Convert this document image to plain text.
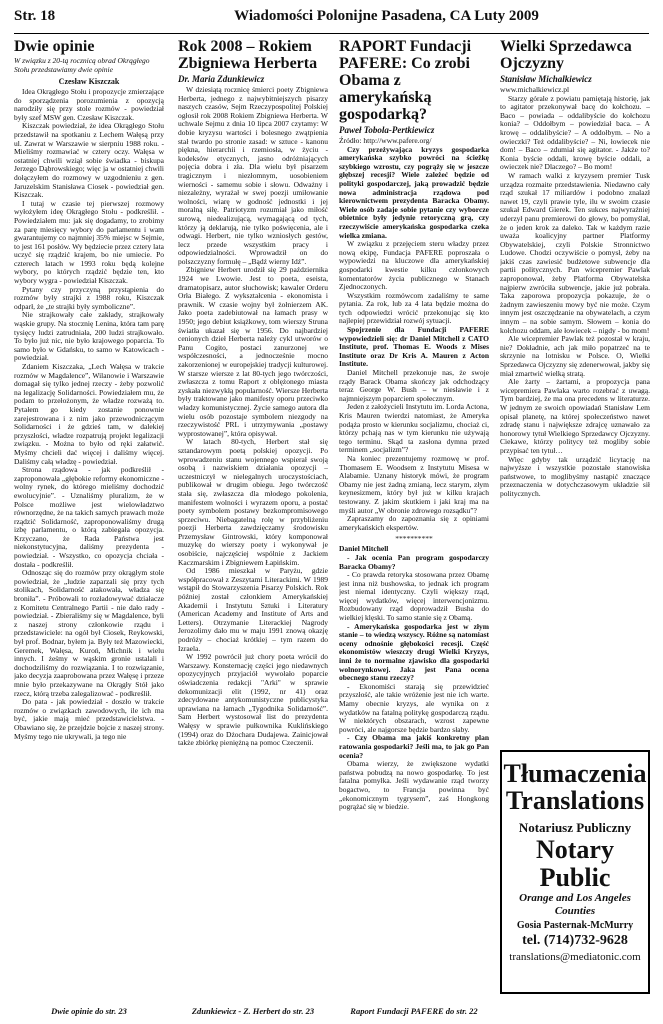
Str. 18	Wiadomości Polonijne Pasadena, CA Luty 2009
Dwie opinie
W związku z 20-tą rocznicą obrad Okrągłego Stołu przedstawiamy dwie opinie
Czesław Kiszczak

Idea Okrągłego Stołu i propozycje zmierzające do sporządzenia porozumienia z opozycją narodziły się przy stole rozmów - powiedział były szef MSW gen. Czesław Kiszczak.

Kiszczak powiedział, że idea Okrągłego Stołu przedstawił na spotkaniu z Lechem Wałęsą przy ul. Zawrat w Warszawie w sierpniu 1988 roku. - Mieliśmy rozmawiać w cztery oczy. Wałęsa w ostatniej chwili wziął sobie świadka - biskupa Jerzego Dąbrowskiego; więc ja w ostatniej chwili dołączyłem do rozmowy w uzgodnieniu z gen. Jaruzelskim Stanisława Ciosek - powiedział gen. Kiszczak.

I tutaj w czasie tej pierwszej rozmowy wyłożyłem ideę Okrągłego Stołu - podkreślił. - Powiedziałem mu: jak się dogadamy, to zrobimy za parę miesięcy wybory do parlamentu i wam gwarantujemy co najmniej 35% miejsc w Sejmie, to jest 161 posłów. Wy będziecie przez cztery lata uczyć się rządzić krajem, bo nie umiecie. Po czterech latach w 1993 roku będą kolejne wybory, po których rządzić będzie ten, kto wybory wygra - powiedział Kiszczak.

Pytany czy przyczyną przystąpienia do rozmów były strajki z 1988 roku, Kiszczak odparł, że „te strajki były symboliczne”.

Nie strajkowały całe zakłady, strajkowały wąskie grupy. Na stocznię Lenina, która tam parę tysięcy ludzi zatrudniała, 200 ludzi strajkowało. To było już nic, nie było krajowego poparcia. To samo było w Gdańsku, to samo w Katowicach - powiedział.

Zdaniem Kiszczaka, „Lech Wałęsa w trakcie rozmów w Magdalence”, Wilanowie i Warszawie domagał się tylko jednej rzeczy - żeby pozwolić na legalizację Solidarności. Powiedziałem mu, że podam to przełożonym, że władze rozważą to. Pytałem go kiedy zostanie ponownie zarejestrowana i z nim jako przewodniczącym Solidarności i że gdzieś tam, w dalekiej przyszłości, władze rozpatrują projekt legalizacji związku. - Można to było od ręki załatwić. Myśmy chcieli dać więcej i daliśmy więcej. Daliśmy całą władzę - powiedział.

Strona rządowa - jak podkreślił - zaproponowała „głębokie reformy ekonomiczne - wolny rynek, do którego mieliśmy dochodzić ewolucyjnie”. - Uznaliśmy pluralizm, że w Polsce możliwe jest wielowładztwo równorzędne, że na takich samych prawach może rządzić Solidarność, zaproponowaliśmy drugą izbę parlamentu, o którą zabiegała opozycja. Krzyczano, że Rada Państwa jest niekonstytucyjna, daliśmy prezydenta - powiedział. - Wszystko, co opozycja chciała - dostała - podkreślił.

Odnosząc się do rozmów przy okrągłym stole powiedział, że „ludzie zaparzali się przy tych stolikach, Solidarność atakowała, władza się broniła”. - Próbowali to rozładowywać działacze z Komitetu Centralnego Partii - nie dało rady - powiedział. - Zbieraliśmy się w Magdalence, byli z naszej strony członkowie rządu i przedstawiciele: na ogół był Ciosek, Reykowski, był prof. Bodnar, byłem ja. Były też Mazowiecki, Geremek, Wałęsa, Kuroń, Michnik i wielu innych. I żeśmy w wąskim gronie ustalali i dochodziliśmy do rozwiązania. I to rozwiązanie, jako decyzja zaaprobowana przez Wałęsę i przeze mnie było przekazywane na Okrągły Stół jako rzecz, którą trzeba zalegalizować - podkreślił.

Do pata - jak powiedział - doszło w trakcie rozmów o związkach zawodowych, ile ich ma być, jakie mają mieć przedstawicielstwa. - Obawiano się, że przejdzie bojcie z naszej strony. Myśmy tego nie ukrywali, ja tego nie

Dwie opinie do str. 23
Rok 2008 – Rokiem Zbigniewa Herberta
Dr. Maria Zdunkiewicz

W dziesiątą rocznicę śmierci poety Zbigniewa Herberta, jednego z najwybitniejszych pisarzy naszych czasów, Sejm Rzeczypospolitej Polskiej ogłosił rok 2008 Rokiem Zbigniewa Herberta. W uchwale Sejmu z dnia 10 lipca 2007 czytamy: W dobie kryzysu wartości i bolesnego zwątpienia stał twardo po stronie zasad: w sztuce - kanonu piękna, hierarchii i rzemiosła, w życiu - kodeksów etycznych, jasno odróżniających pojęcia dobra i zła. Dla wielu był pisarzem tragicznym i niezłomnym, uosobieniem wierności - samemu sobie i słowu. Odważny i niezależny, wyrażał w swej poezji umiłowanie wolności, wiarę w godność jednostki i jej moralną siłę. Patriotyzm rozumiał jako miłość surową, niedealizującą, wymagającą od tych, którzy ją deklarują, nie tylko poświęcenia, ale i odwagi. Herbert, nie tylko wzniosłych gestów, lecz przede wszystkim pracy i odpowiedzialności. Wprowadził on do polszczyzny formułę – „Bądź wierny Idź”.

Zbigniew Herbert urodził się 29 października 1924 we Lwowie. Jest to poeta, eseista, dramatopisarz, autor słuchowisk; kawaler Orderu Orła Białego. Z wykształcenia - ekonomista i prawnik. W czasie wojny był żołnierzem AK. Jako poeta zadebiutował na łamach prasy w 1950; jego debiut książkowy, tom wierszy Struna światła ukazał się w 1956. Do najbardziej cenionych dzieł Herberta należy cykl utworów o Panu Cogito, postaci zanurzonej we współczesności, a jednocześnie mocno zakorzenionej w europejskiej tradycji kulturowej. W starsze wiersze z lat 80-tych jego twórczości, zwłaszcza z tomu Raport z oblężonego miasta zyskała niezwykłą popularność. Wiersze Herberta były traktowane jako manifesty oporu przeciwko władzy komunistycznej. Życie samego autora dla wielu osób pozostaje symbolem niezgody na rzeczywistość PRL i utrzymywania „postawy wyprostowanej”, która opisywał.

W latach 80-tych, Herbert stał się sztandarowym poetą polskiej opozycji. Po wprowadzeniu stanu wojennego wspierał swoją osobą i nazwiskiem działania opozycji – uczestniczył w nielegalnych uroczystościach, publikował w drugim obiegu. Jego twórczość stała się, zwłaszcza dla młodego pokolenia, manifestem wolności i wyrazem oporu, a postać poety symbolem postawy bezkompromisowego sprzeciwu. Niebagatelną rolę w przybliżeniu poezji Herberta zawdzięczamy środowisku Przemysław Gintrowski, który komponował muzykę do wierszy poety i wykonywał je osobiście, najczęściej wspólnie z Jackiem Kaczmarskim i Zbigniewem Łapińskim.

Od 1986 mieszkał w Paryżu, gdzie współpracował z Zeszytami Literackimi. W 1989 wstąpił do Stowarzyszenia Pisarzy Polskich. Rok później został członkiem Amerykańskiej Akademii i Instytutu Sztuki i Literatury (American Academy and Institute of Arts and Letters). Otrzymanie Literackiej Nagrody Jerozolimy dało mu w maju 1991 znową okazję podróży – chociaż krótkiej – tym razem do Izraela.

W 1992 powrócił już chory poeta wrócił do Warszawy. Konsternację części jego niedawnych opozycyjnych przyjaciół wywołało poparcie oświadczenia redakcji "Arki" w sprawie dekomunizacji elit (1992, nr 41) oraz zdecydowane antykomunistyczne publicystyka uprawiana na łamach „Tygodnika Solidarność”. Sam Herbert wystosował list do prezydenta Wałęsy w sprawie pułkownika Kuklińskiego (1994) oraz do Dżochara Dudajewa. Zainicjował także zbiórkę pieniężną na pomoc Czeczenii.

Zdunkiewicz - Z. Herbert do str. 23
RAPORT Fundacji PAFERE: Co zrobi Obama z amerykańską gospodarką?
Paweł Tobola-Pertkiewicz
Źródło: http://www.pafere.org/

Czy przeżywająca kryzys gospodarka amerykańska szybko powróci na ścieżkę szybkiego wzrostu, czy pogrąży się w jeszcze głębszej recesji? Wiele zależeć będzie od polityki gospodarczej, jaką prowadzić będzie nowa administracja rządowa pod kierownictwem prezydenta Baracka Obamy. Wiele osób zadaje sobie pytanie czy wyborcze obietnice były jedynie retoryczną grą, czy rzeczywiście amerykańska gospodarka czeka wielka zmiana.

W związku z przejęciem steru władzy przez nową ekipę, Fundacja PAFERE poproszała o wypowiedzi na kluczowe dla amerykańskiej gospodarki kwestie kilku członkowych komentatorów życia publicznego w Stanach Zjednoczonych.

Wszystkim rozmówcom zadaliśmy te same pytania. Za rok, lub za 4 lata będzie można do tych odpowiedzi wrócić przekonując się kto najlepiej przewidział rozwój sytuacji.

Spojrzenie dla Fundacji PAFERE wypowiedzieli się: dr Daniel Mitchell z CATO Institute, prof. Thomas E. Woods z Mises Institute oraz Dr Kris A. Mauren z Acton Institute.

Daniel Mitchell przekonuje nas, że swoje rządy Barack Obama skończy jak odchodzący teraz George W. Bush – w niesławie i z najmniejszym poparciem społecznym.

Jeden z założycieli Instytutu im. Lorda Actona, Kris Mauren twierdzi natomiast, że Ameryka podąża prosto w kierunku socjalizmu, chociaż ci, którzy pchają nas w tym kierunku nie używają tego terminu. Skąd ta zasłona dymna przed terminem „socjalizm”?

Na koniec prezentujemy rozmowę w prof. Thomasem E. Woodsem z Instytutu Misesa w Alabamie. Uznany historyk mówi, że program Obamy nie jest żadną zmianą, lecz starym, złym keynesizmem, który był już w kilku krajach testowany. Z jakim skutkiem i jaki kraj ma na myśli autor „W obronie zdrowego rozsądku”?

Zapraszamy do zapoznania się z opiniami amerykańskich ekspertów.

**********
Daniel Mitchell

- Jak ocenia Pan program gospodarczy Baracka Obamy?

- Co prawda retoryka stosowana przez Obamę jest inna niż bushowska, to jednak ich program jest niemal identyczny. Czyli większy rząd, więcej wydatków, więcej interwencjonizmu. Rozbudowany rząd doprowadził Busha do wielkiej klęski. To samo stanie się z Obamą.

- Amerykańska gospodarka jest w złym stanie – to wiedzą wszyscy. Różne są natomiast oceny odnośnie głębokości recesji. Część ekonomistów wieszczy drugi Wielki Kryzys, inni że to normalne zjawisko dla gospodarki wolnorynkowej. Jaka jest Pana ocena obecnego stanu rzeczy?

- Ekonomiści starają się przewidzieć przyszłość, ale takie wróżenie jest nie ich warte. Mamy obecnie kryzys, ale wynika on z wydatków na fatalną politykę gospodarczą rządu. W niektórych obszarach, wzrost zapewne powróci, ale najgorsze będzie bardzo słaby.

- Czy Obama ma jakiś konkretny plan ratowania gospodarki? Jeśli ma, to jak go Pan ocenia?

Obama wierzy, że zwiększone wydatki państwa pobudzą na nowo gospodarkę. To jest fatalna pomyłka. Jeśli wydawanie rząd tworzy bogactwo, to Francja powinna być „ekonomicznym tygrysem”, zaś Hongkong pogrążać się w biedzie.

Raport Fundacji PAFERE do str. 22
Wielki Sprzedawca Ojczyzny
Stanisław Michalkiewicz
www.michalkiewicz.pl

Starzy górale z powiatu pamiętają historię, jak to agitator przekonywał bacę do kołchozu. – Baco – powiada – oddalibyście do kołchozu konia? – Oddołbym – powiedział baca. – A krowę – oddalibyście? – A oddołbym. – No a owieczki? Też oddalibyście? – Ni, łowiecek nie dom! – Baco – zdumiał się agitator. - Jakże to? Konia byście oddali, krowę byście oddali, a owieczek nie? Dlaczego? – Bo mom!

W ramach walki z kryzysem premier Tusk urządza rozmaite przedstawienia. Niedawno cały rząd szukał 17 miliardów i podobno znalazł nawet 19, czyli prawie tyle, ilu w swoim czasie szukał Edward Gierek. Ten sukces najwyraźniej uderzył panu premierowi do głowy, bo pomyślał, że o jeden krok za daleko. Tak w każdym razie uważa koalicyjny partner Platformy Obywatelskiej, czyli Polskie Stronnictwo Ludowe. Chodzi oczywiście o pomysł, żeby na jakiś czas zawiesić budżetowe subwencje dla partii politycznych. Pan wicepremier Pawlak zaproponował, żeby Platforma Obywatelska najpierw zwróciła subwencje, jakie już pobrała. Taka zaporowa propozycja pokazuje, że o żadnym zawieszeniu mowy być nie może. Czym innym jest oszczędzanie na obywatelach, a czym innym – na sobie samym. Słowem – konia do kołchozu oddam, ale łowiecek – nigdy - bo mom!

Ale wicepremier Pawlak też pozostał w kraju, nie? Dokładnie, ach jak miło popatrzeć na te skrzynie na lotnisku w Polsce. O, Wielki Sprzedawca Ojczyzny się zdenerwował, jakby się miał zmartwić wielką stratą.

Ale żarty – żartami, a propozycja pana wicepremiera Pawlaka warto rozebrać z uwagą. Tym bardziej, że ma ona precedens w literaturze. W jednym ze swoich opowiadań Stanisław Lem opisał planetę, na której społeczeństwo nawet zdradę stanu i największe zdrajcę uznawało za honorowy tytuł Wielkiego Sprzedawcy Ojczyzny. Ciekawe, którzy politycy też mogliby sobie przypisać ten tytuł…

Więc gdyby tak urządzić licytację na najwyższe i wszystkie pozostałe stanowiska państwowe, to moglibyśmy nastąpić znaczące przeznaczenia w dotychczasowym układzie sił politycznych.

Tłumaczenia
Translations
Notariusz Publiczny
Notary Public
Orange and Los Angeles Counties
Gosia Pasternak-McMurry
tel. (714)732-9628
translations@mediatonic.com
